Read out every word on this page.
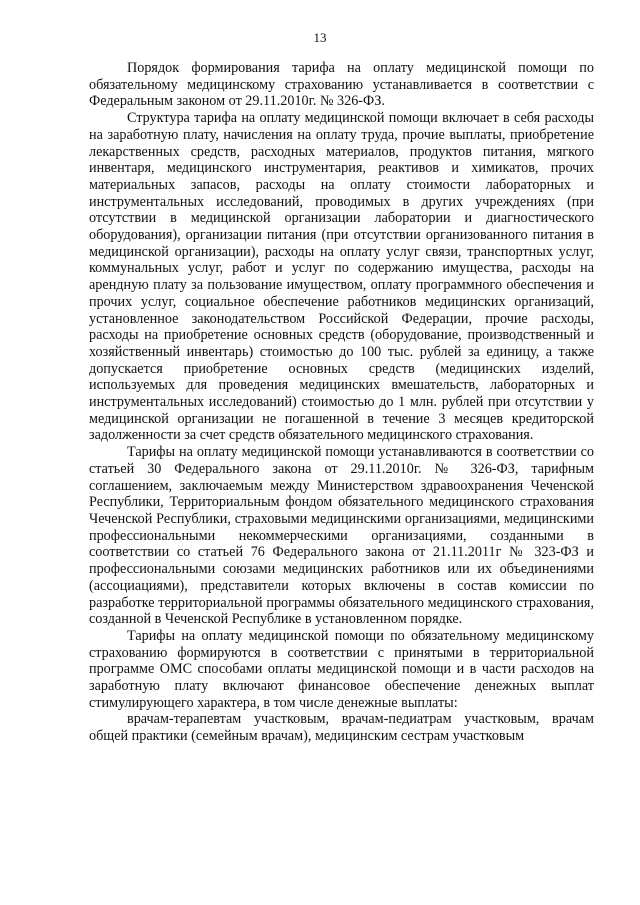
13

Порядок формирования тарифа на оплату медицинской помощи по обязательному медицинскому страхованию устанавливается в соответствии с Федеральным законом от 29.11.2010г. № 326-ФЗ.

Структура тарифа на оплату медицинской помощи включает в себя расходы на заработную плату, начисления на оплату труда, прочие выплаты, приобретение лекарственных средств, расходных материалов, продуктов питания, мягкого инвентаря, медицинского инструментария, реактивов и химикатов, прочих материальных запасов, расходы на оплату стоимости лабораторных и инструментальных исследований, проводимых в других учреждениях (при отсутствии в медицинской организации лаборатории и диагностического оборудования), организации питания (при отсутствии организованного питания в медицинской организации), расходы на оплату услуг связи, транспортных услуг, коммунальных услуг, работ и услуг по содержанию имущества, расходы на арендную плату за пользование имуществом, оплату программного обеспечения и прочих услуг, социальное обеспечение работников медицинских организаций, установленное законодательством Российской Федерации, прочие расходы, расходы на приобретение основных средств (оборудование, производственный и хозяйственный инвентарь) стоимостью до 100 тыс. рублей за единицу, а также допускается приобретение основных средств (медицинских изделий, используемых для проведения медицинских вмешательств, лабораторных и инструментальных исследований) стоимостью до 1 млн. рублей при отсутствии у медицинской организации не погашенной в течение 3 месяцев кредиторской задолженности за счет средств обязательного медицинского страхования.

Тарифы на оплату медицинской помощи устанавливаются в соответствии со статьей 30 Федерального закона от 29.11.2010г. № 326-ФЗ, тарифным соглашением, заключаемым между Министерством здравоохранения Чеченской Республики, Территориальным фондом обязательного медицинского страхования Чеченской Республики, страховыми медицинскими организациями, медицинскими профессиональными некоммерческими организациями, созданными в соответствии со статьей 76 Федерального закона от 21.11.2011г № 323-ФЗ и профессиональными союзами медицинских работников или их объединениями (ассоциациями), представители которых включены в состав комиссии по разработке территориальной программы обязательного медицинского страхования, созданной в Чеченской Республике в установленном порядке.

Тарифы на оплату медицинской помощи по обязательному медицинскому страхованию формируются в соответствии с принятыми в территориальной программе ОМС способами оплаты медицинской помощи и в части расходов на заработную плату включают финансовое обеспечение денежных выплат стимулирующего характера, в том числе денежные выплаты:

врачам-терапевтам участковым, врачам-педиатрам участковым, врачам общей практики (семейным врачам), медицинским сестрам участковым
